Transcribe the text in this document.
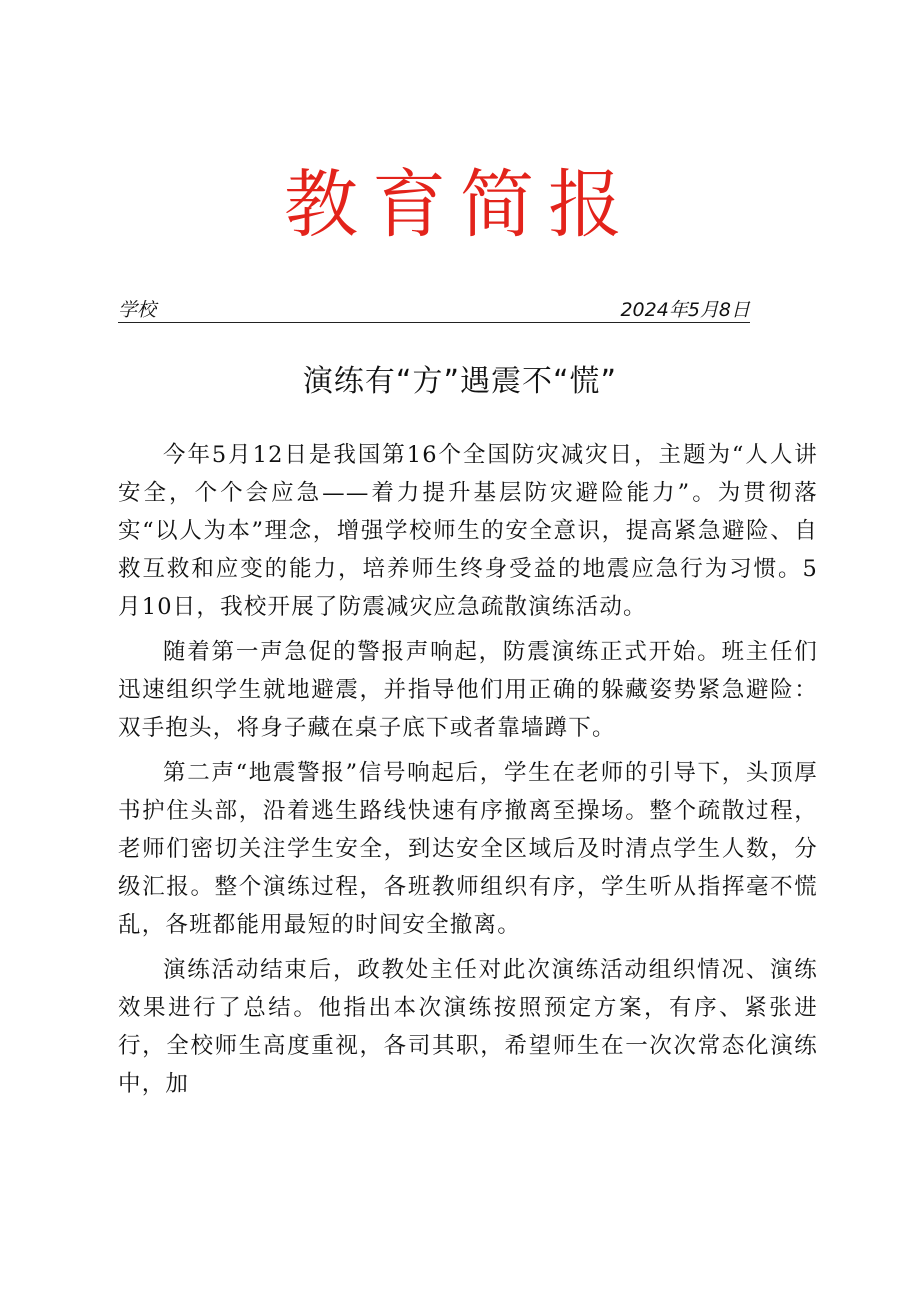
教育简报
学校	2024年5月8日
演练有“方”遇震不“慌”

今年5月12日是我国第16个全国防灾减灾日，主题为“人人讲安全，个个会应急——着力提升基层防灾避险能力”。为贯彻落实“以人为本”理念，增强学校师生的安全意识，提高紧急避险、自救互救和应变的能力，培养师生终身受益的地震应急行为习惯。5月10日，我校开展了防震减灾应急疏散演练活动。

随着第一声急促的警报声响起，防震演练正式开始。班主任们迅速组织学生就地避震，并指导他们用正确的躲藏姿势紧急避险：双手抱头，将身子藏在桌子底下或者靠墙蹲下。

第二声“地震警报”信号响起后，学生在老师的引导下，头顶厚书护住头部，沿着逃生路线快速有序撤离至操场。整个疏散过程，老师们密切关注学生安全，到达安全区域后及时清点学生人数，分级汇报。整个演练过程，各班教师组织有序，学生听从指挥毫不慌乱，各班都能用最短的时间安全撤离。

演练活动结束后，政教处主任对此次演练活动组织情况、演练效果进行了总结。他指出本次演练按照预定方案，有序、紧张进行，全校师生高度重视，各司其职，希望师生在一次次常态化演练中，加
